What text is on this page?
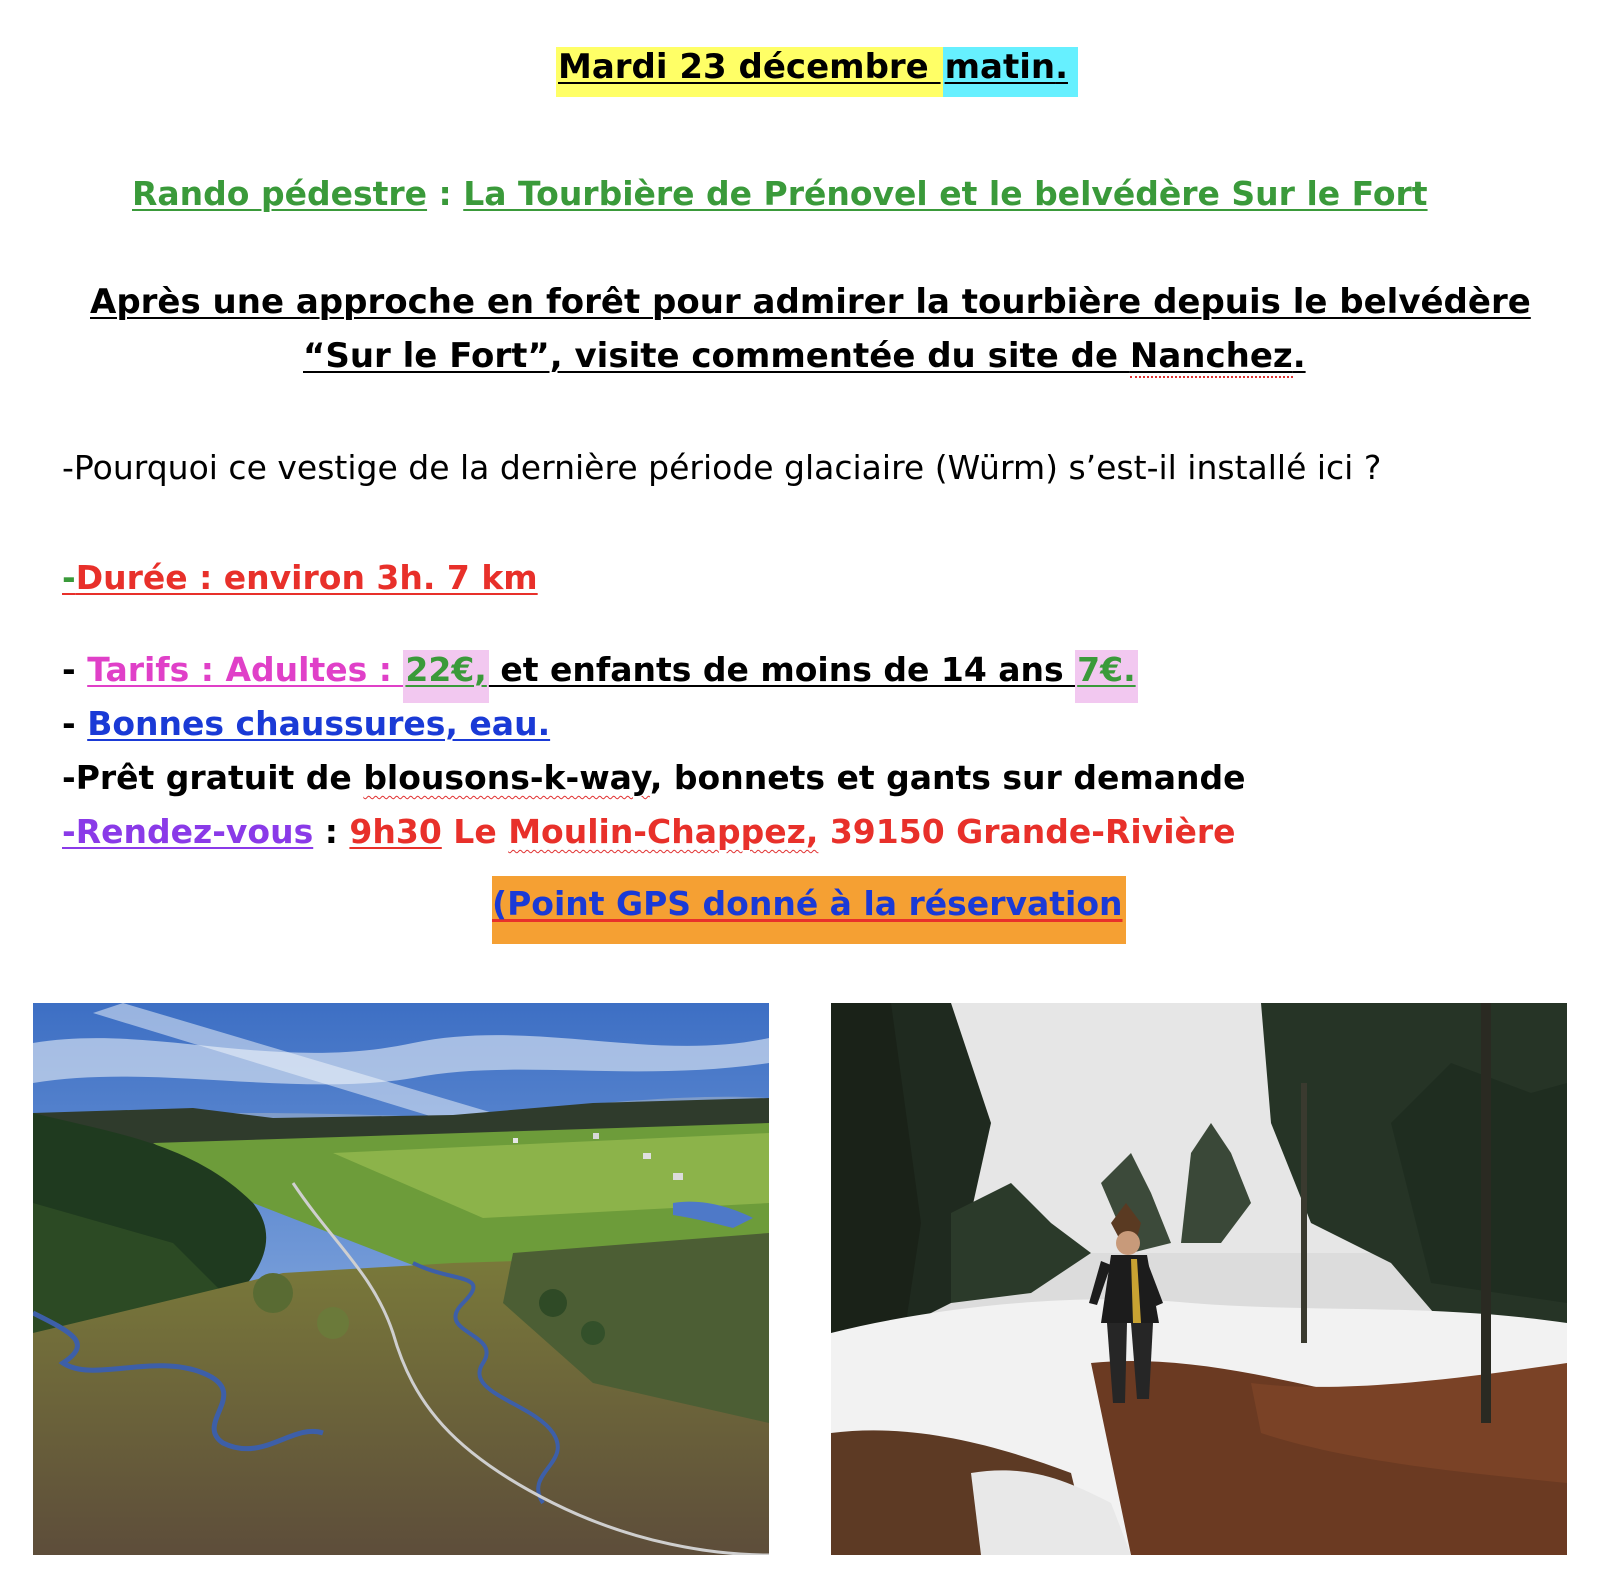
Mardi 23 décembre matin.
Rando pédestre : La Tourbière de Prénovel et le belvédère Sur le Fort
Après une approche en forêt pour admirer la tourbière depuis le belvédère
“Sur le Fort”, visite commentée du site de Nanchez.
-Pourquoi ce vestige de la dernière période glaciaire (Würm) s’est-il installé ici ?
-Durée : environ 3h. 7 km
- Tarifs : Adultes : 22€, et enfants de moins de 14 ans 7€.
- Bonnes chaussures, eau.
-Prêt gratuit de blousons-k-way, bonnets et gants sur demande
-Rendez-vous : 9h30 Le Moulin-Chappez, 39150 Grande-Rivière
(Point GPS donné à la réservation
